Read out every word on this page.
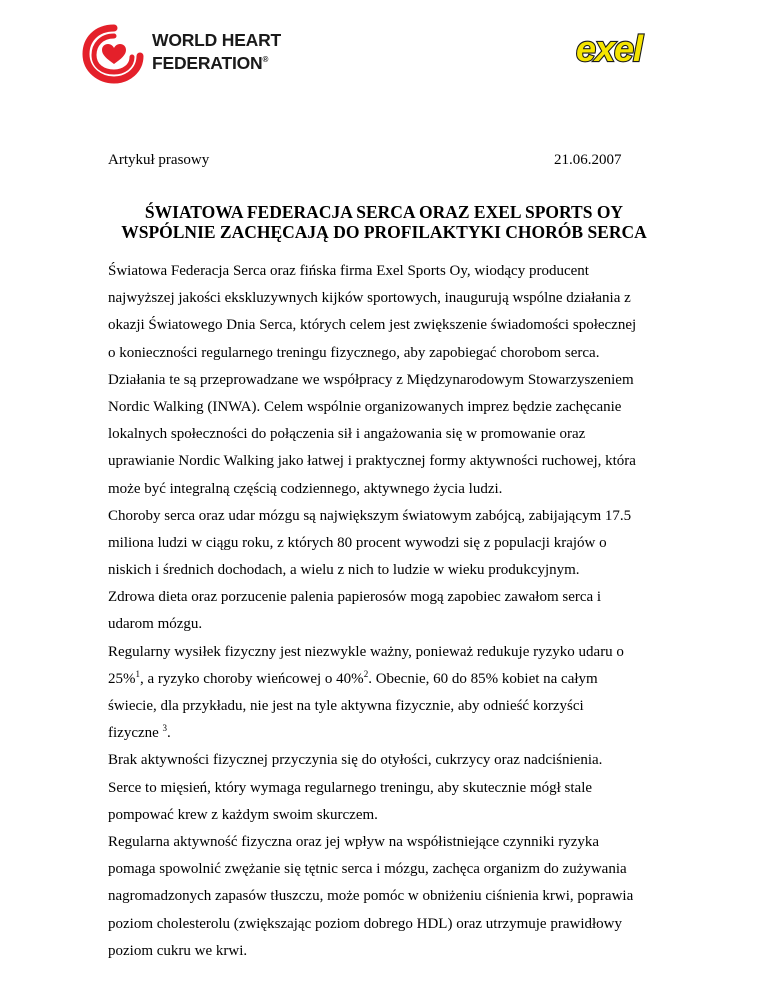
WORLD HEART
FEDERATION®	exel
Artykuł prasowy	21.06.2007
ŚWIATOWA FEDERACJA SERCA ORAZ EXEL SPORTS OY
WSPÓLNIE ZACHĘCAJĄ DO PROFILAKTYKI CHORÓB SERCA
Światowa Federacja Serca oraz fińska firma Exel Sports Oy, wiodący producent
najwyższej jakości ekskluzywnych kijków sportowych, inaugurują wspólne działania z
okazji Światowego Dnia Serca, których celem jest zwiększenie świadomości społecznej
o konieczności regularnego treningu fizycznego, aby zapobiegać chorobom serca.
Działania te są przeprowadzane we współpracy z Międzynarodowym Stowarzyszeniem
Nordic Walking (INWA). Celem wspólnie organizowanych imprez będzie zachęcanie
lokalnych społeczności do połączenia sił i angażowania się w promowanie oraz
uprawianie Nordic Walking jako łatwej i praktycznej formy aktywności ruchowej, która
może być integralną częścią codziennego, aktywnego życia ludzi.
Choroby serca oraz udar mózgu są największym światowym zabójcą, zabijającym 17.5
miliona ludzi w ciągu roku, z których 80 procent wywodzi się z populacji krajów o
niskich i średnich dochodach, a wielu z nich to ludzie w wieku produkcyjnym.
Zdrowa dieta oraz porzucenie palenia papierosów mogą zapobiec zawałom serca i
udarom mózgu.
Regularny wysiłek fizyczny jest niezwykle ważny, ponieważ redukuje ryzyko udaru o
25%$^1$, a ryzyko choroby wieńcowej o 40%$^2$. Obecnie, 60 do 85% kobiet na całym
świecie, dla przykładu, nie jest na tyle aktywna fizycznie, aby odnieść korzyści
fizyczne $^3$.
Brak aktywności fizycznej przyczynia się do otyłości, cukrzycy oraz nadciśnienia.
Serce to mięsień, który wymaga regularnego treningu, aby skutecznie mógł stale
pompować krew z każdym swoim skurczem.
Regularna aktywność fizyczna oraz jej wpływ na współistniejące czynniki ryzyka
pomaga spowolnić zwężanie się tętnic serca i mózgu, zachęca organizm do zużywania
nagromadzonych zapasów tłuszczu, może pomóc w obniżeniu ciśnienia krwi, poprawia
poziom cholesterolu (zwiększając poziom dobrego HDL) oraz utrzymuje prawidłowy
poziom cukru we krwi.
